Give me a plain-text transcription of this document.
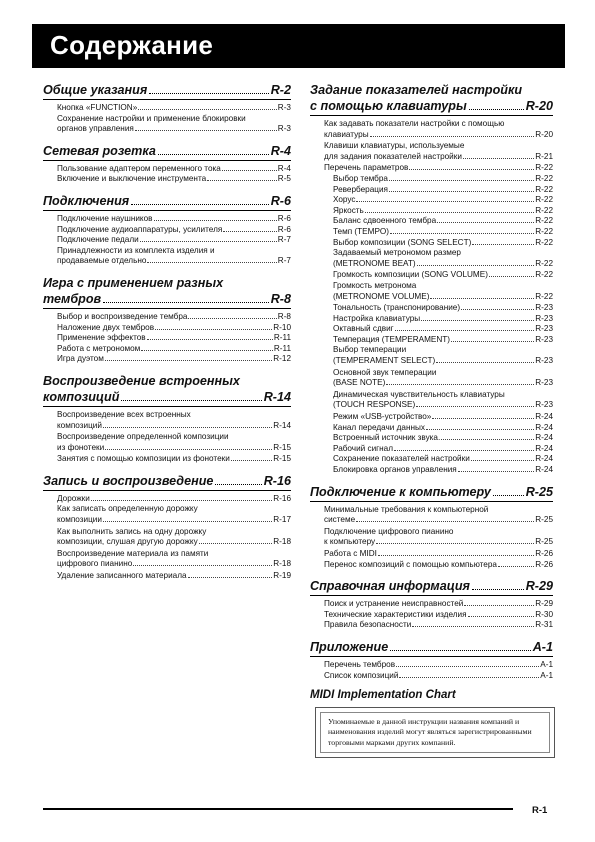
Содержание
Общие указания	R-2
Кнопка «FUNCTION»	R-3
Сохранение настройки и применение блокировки
органов управления	R-3
Сетевая розетка	R-4
Пользование адаптером переменного тока	R-4
Включение и выключение инструмента	R-5
Подключения	R-6
Подключение наушников	R-6
Подключение аудиоаппаратуры, усилителя	R-6
Подключение педали	R-7
Принадлежности из комплекта изделия и
продаваемые отдельно	R-7
Игра с применением разных
тембров	R-8
Выбор и воспроизведение тембра	R-8
Наложение двух тембров	R-10
Применение эффектов	R-11
Работа с метрономом	R-11
Игра дуэтом	R-12
Воспроизведение встроенных
композиций	R-14
Воспроизведение всех встроенных
композиций	R-14
Воспроизведение определенной композиции
из фонотеки	R-15
Занятия с помощью композиции из фонотеки	R-15
Запись и воспроизведение	R-16
Дорожки	R-16
Как записать определенную дорожку
композиции	R-17
Как выполнить запись на одну дорожку
композиции, слушая другую дорожку	R-18
Воспроизведение материала из памяти
цифрового пианино	R-18
Удаление записанного материала	R-19
Задание показателей настройки
с помощью клавиатуры	R-20
Как задавать показатели настройки с помощью
клавиатуры	R-20
Клавиши клавиатуры, используемые
для задания показателей настройки	R-21
Перечень параметров	R-22
Выбор тембра	R-22
Реверберация	R-22
Хорус	R-22
Яркость	R-22
Баланс сдвоенного тембра	R-22
Темп (TEMPO)	R-22
Выбор композиции (SONG SELECT)	R-22
Задаваемый метрономом размер
(METRONOME BEAT)	R-22
Громкость композиции (SONG VOLUME)	R-22
Громкость метронома
(METRONOME VOLUME)	R-22
Тональность (транспонирование)	R-23
Настройка клавиатуры	R-23
Октавный сдвиг	R-23
Темперация (TEMPERAMENT)	R-23
Выбор темперации
(TEMPERAMENT SELECT)	R-23
Основной звук темперации
(BASE NOTE)	R-23
Динамическая чувствительность клавиатуры
(TOUCH RESPONSE)	R-23
Режим «USB-устройство»	R-24
Канал передачи данных	R-24
Встроенный источник звука.	R-24
Рабочий сигнал	R-24
Сохранение показателей настройки	R-24
Блокировка органов управления	R-24
Подключение к компьютеру	R-25
Минимальные требования к компьютерной
системе	R-25
Подключение цифрового пианино
к компьютеру	R-25
Работа с MIDI	R-26
Перенос композиций с помощью компьютера	R-26
Справочная информация	R-29
Поиск и устранение неисправностей	R-29
Технические характеристики изделия	R-30
Правила безопасности	R-31
Приложение	A-1
Перечень тембров	A-1
Список композиций	A-1
MIDI Implementation Chart
Упоминаемые в данной инструкции названия компаний и наименования изделий могут являться зарегистрированными торговыми марками других компаний.
R-1
